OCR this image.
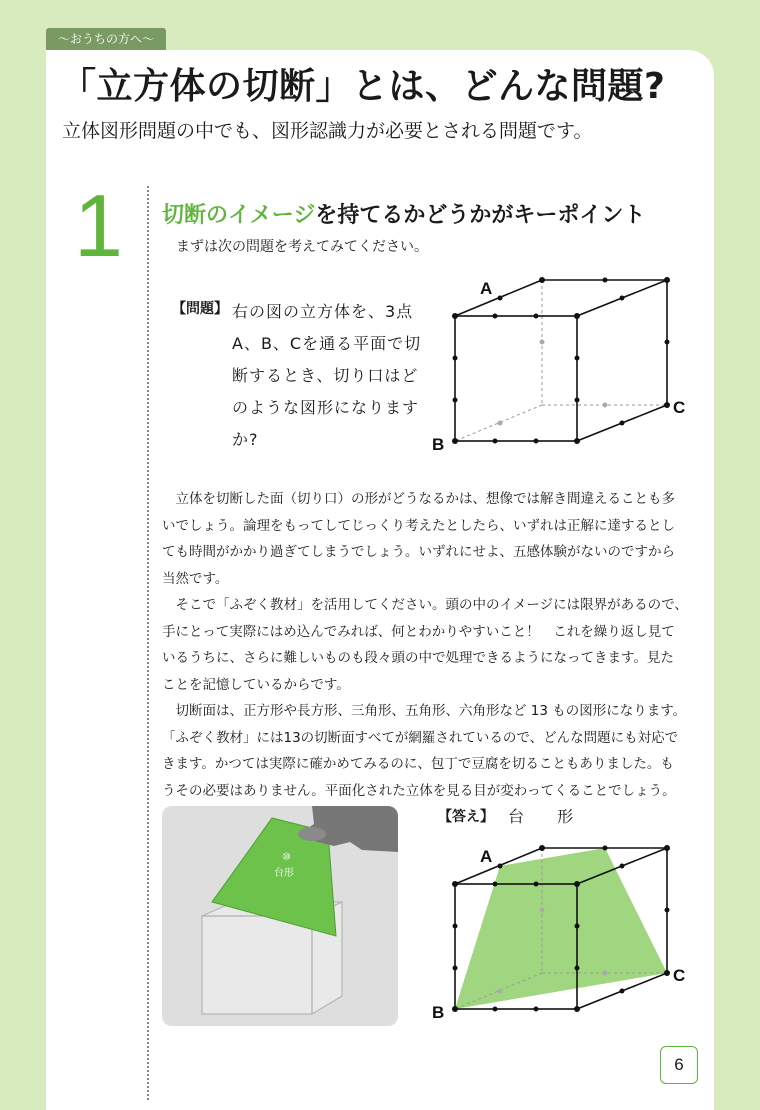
〜おうちの方へ〜
「立方体の切断」とは、どんな問題?

立体図形問題の中でも、図形認識力が必要とされる問題です。

1 切断のイメージを持てるかどうかがキーポイント

まずは次の問題を考えてみてください。

【問題】 右の図の立方体を、3点A、B、Cを通る平面で切断するとき、切り口はどのような図形になりますか?

A
B
C

立体を切断した面（切り口）の形がどうなるかは、想像では解き間違えることも多
いでしょう。論理をもってしてじっくり考えたとしたら、いずれは正解に達するとし
ても時間がかかり過ぎてしまうでしょう。いずれにせよ、五感体験がないのですから
当然です。

そこで「ふぞく教材」を活用してください。頭の中のイメージには限界があるので、
手にとって実際にはめ込んでみれば、何とわかりやすいこと！　これを繰り返し見て
いるうちに、さらに難しいものも段々頭の中で処理できるようになってきます。見た
ことを記憶しているからです。

切断面は、正方形や長方形、三角形、五角形、六角形など 13 もの図形になります。
「ふぞく教材」には13の切断面すべてが網羅されているので、どんな問題にも対応で
きます。かつては実際に確かめてみるのに、包丁で豆腐を切ることもありました。も
うその必要はありません。平面化された立体を見る目が変わってくることでしょう。

⑩
台形
【答え】 台 形
A
B
C
6
